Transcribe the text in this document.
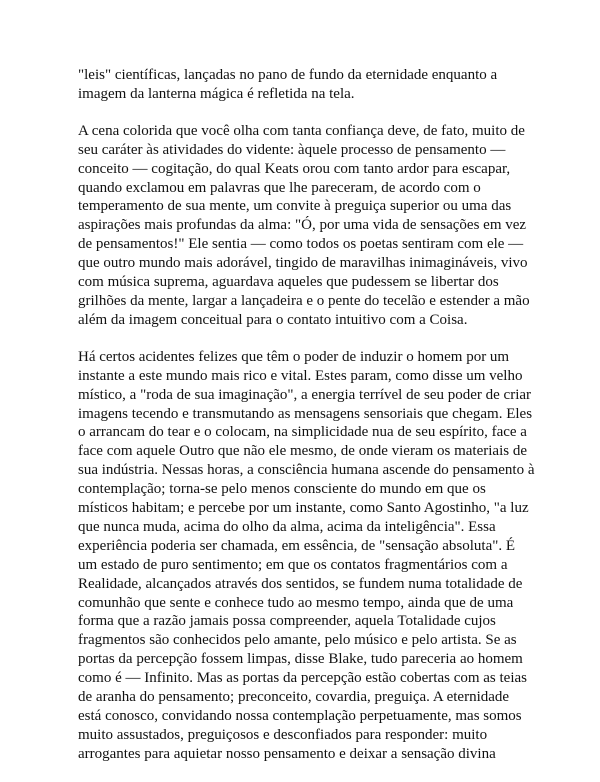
"leis" científicas, lançadas no pano de fundo da eternidade enquanto a
imagem da lanterna mágica é refletida na tela.

A cena colorida que você olha com tanta confiança deve, de fato, muito de
seu caráter às atividades do vidente: àquele processo de pensamento —
conceito — cogitação, do qual Keats orou com tanto ardor para escapar,
quando exclamou em palavras que lhe pareceram, de acordo com o
temperamento de sua mente, um convite à preguiça superior ou uma das
aspirações mais profundas da alma: "Ó, por uma vida de sensações em vez
de pensamentos!" Ele sentia — como todos os poetas sentiram com ele —
que outro mundo mais adorável, tingido de maravilhas inimagináveis, vivo
com música suprema, aguardava aqueles que pudessem se libertar dos
grilhões da mente, largar a lançadeira e o pente do tecelão e estender a mão
além da imagem conceitual para o contato intuitivo com a Coisa.

Há certos acidentes felizes que têm o poder de induzir o homem por um
instante a este mundo mais rico e vital. Estes param, como disse um velho
místico, a "roda de sua imaginação", a energia terrível de seu poder de criar
imagens tecendo e transmutando as mensagens sensoriais que chegam. Eles
o arrancam do tear e o colocam, na simplicidade nua de seu espírito, face a
face com aquele Outro que não ele mesmo, de onde vieram os materiais de
sua indústria. Nessas horas, a consciência humana ascende do pensamento à
contemplação; torna-se pelo menos consciente do mundo em que os
místicos habitam; e percebe por um instante, como Santo Agostinho, "a luz
que nunca muda, acima do olho da alma, acima da inteligência". Essa
experiência poderia ser chamada, em essência, de "sensação absoluta". É
um estado de puro sentimento; em que os contatos fragmentários com a
Realidade, alcançados através dos sentidos, se fundem numa totalidade de
comunhão que sente e conhece tudo ao mesmo tempo, ainda que de uma
forma que a razão jamais possa compreender, aquela Totalidade cujos
fragmentos são conhecidos pelo amante, pelo músico e pelo artista. Se as
portas da percepção fossem limpas, disse Blake, tudo pareceria ao homem
como é — Infinito. Mas as portas da percepção estão cobertas com as teias
de aranha do pensamento; preconceito, covardia, preguiça. A eternidade
está conosco, convidando nossa contemplação perpetuamente, mas somos
muito assustados, preguiçosos e desconfiados para responder: muito
arrogantes para aquietar nosso pensamento e deixar a sensação divina
